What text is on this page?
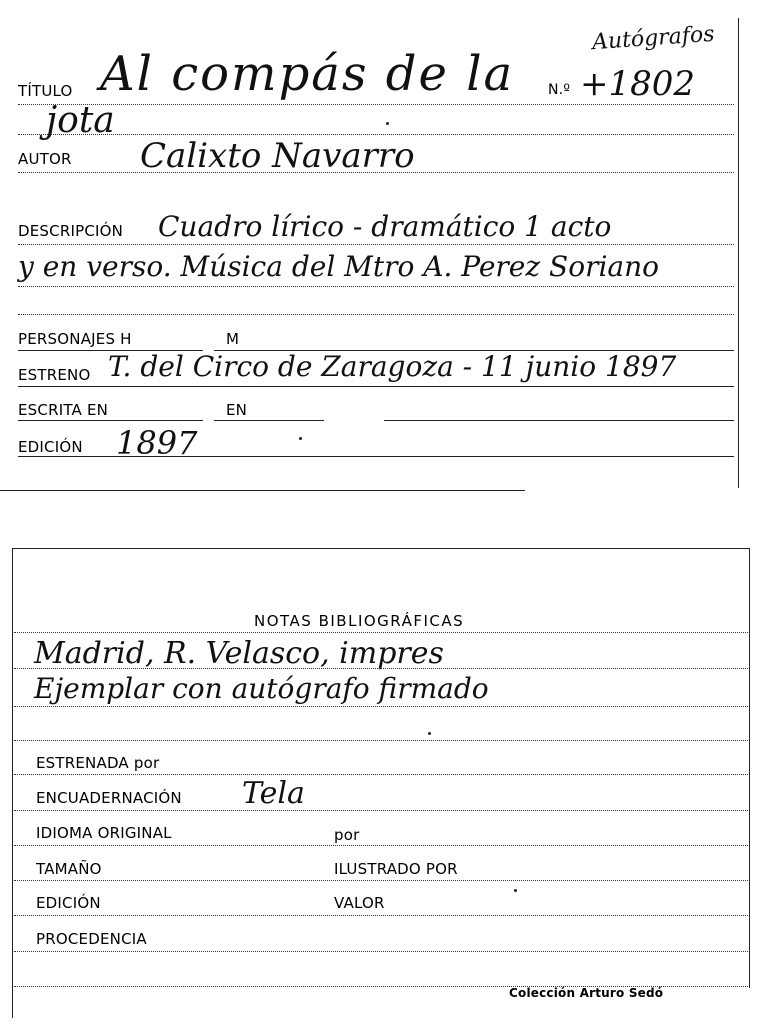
Autógrafos
TÍTULO Al compás de la N.º +1802
jota
AUTOR Calixto Navarro
DESCRIPCIÓN Cuadro lírico - dramático 1 acto
y en verso. Música del Mtro A. Perez Soriano
PERSONAJES H	M
ESTRENO T. del Circo de Zaragoza - 11 junio 1897
ESCRITA EN	EN
EDICIÓN 1897
NOTAS BIBLIOGRÁFICAS
Madrid, R. Velasco, impres
Ejemplar con autógrafo firmado
ESTRENADA por
ENCUADERNACIÓN Tela
IDIOMA ORIGINAL	por
TAMAÑO	ILUSTRADO POR
EDICIÓN	VALOR
PROCEDENCIA
Colección Arturo Sedó
